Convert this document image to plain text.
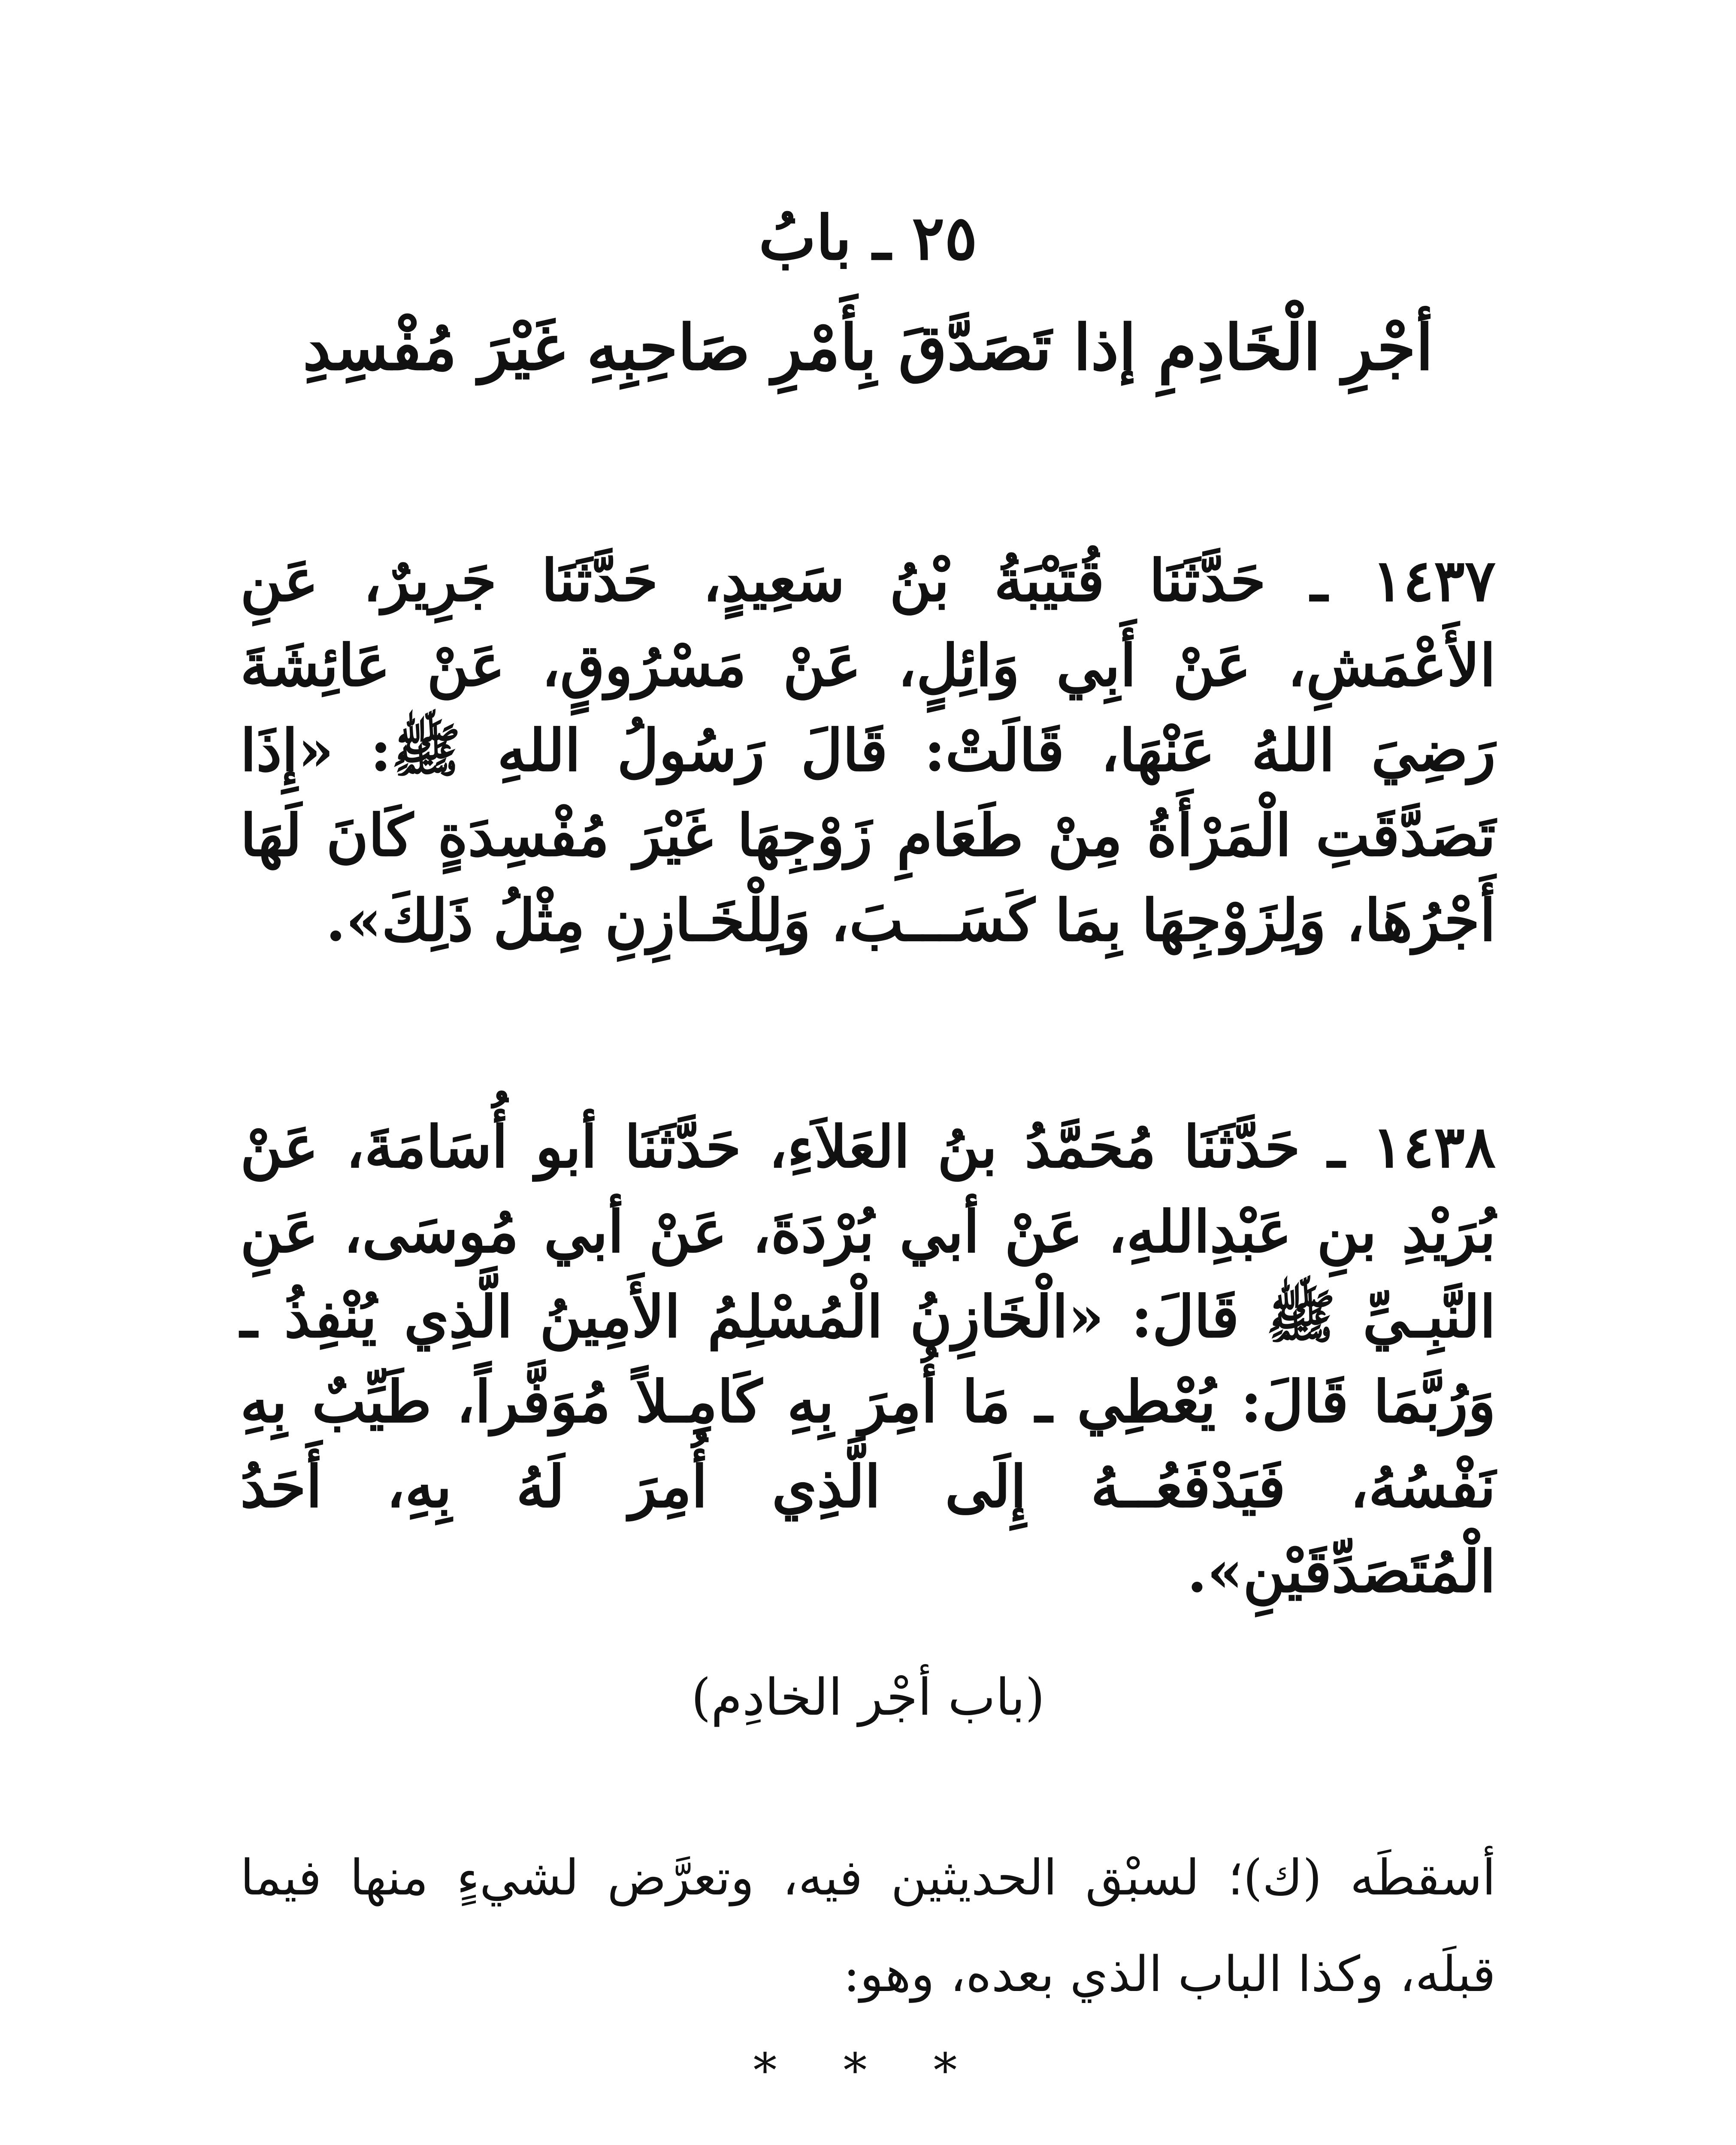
٢٥ ـ بابُ
أجْرِ الْخَادِمِ إذا تَصَدَّقَ بِأَمْرِ صَاحِبِهِ غَيْرَ مُفْسِدِ

١٤٣٧ ـ حَدَّثَنَا قُتَيْبَةُ بْنُ سَعِيدٍ، حَدَّثَنَا جَرِيرٌ، عَنِ الأَعْمَشِ، عَنْ أَبِي وَائِلٍ، عَنْ مَسْرُوقٍ، عَنْ عَائِشَةَ رَضِيَ اللهُ عَنْهَا، قَالَتْ: قَالَ رَسُولُ اللهِ ﷺ: «إِذَا تَصَدَّقَتِ الْمَرْأَةُ مِنْ طَعَامِ زَوْجِهَا غَيْرَ مُفْسِدَةٍ كَانَ لَهَا أَجْرُهَا، وَلِزَوْجِهَا بِمَا كَسَـــبَ، وَلِلْخَـازِنِ مِثْلُ ذَلِكَ».

١٤٣٨ ـ حَدَّثَنَا مُحَمَّدُ بنُ العَلاَءِ، حَدَّثَنَا أبو أُسَامَةَ، عَنْ بُرَيْدِ بنِ عَبْدِاللهِ، عَنْ أبي بُرْدَةَ، عَنْ أبي مُوسَى، عَنِ النَّبِـيِّ ﷺ قَالَ: «الْخَازِنُ الْمُسْلِمُ الأَمِينُ الَّذِي يُنْفِذُ ـ وَرُبَّمَا قَالَ: يُعْطِي ـ مَا أُمِرَ بِهِ كَامِـلاً مُوَفَّراً، طَيِّبٌ بِهِ نَفْسُهُ، فَيَدْفَعُــهُ إِلَى الَّذِي أُمِرَ لَهُ بِهِ، أَحَدُ الْمُتَصَدِّقَيْنِ».

(باب أجْر الخادِم)

أسقطَه (ك)؛ لسبْق الحديثين فيه، وتعرَّض لشيءٍ منها فيما قبلَه، وكذا الباب الذي بعده، وهو:

* * *
